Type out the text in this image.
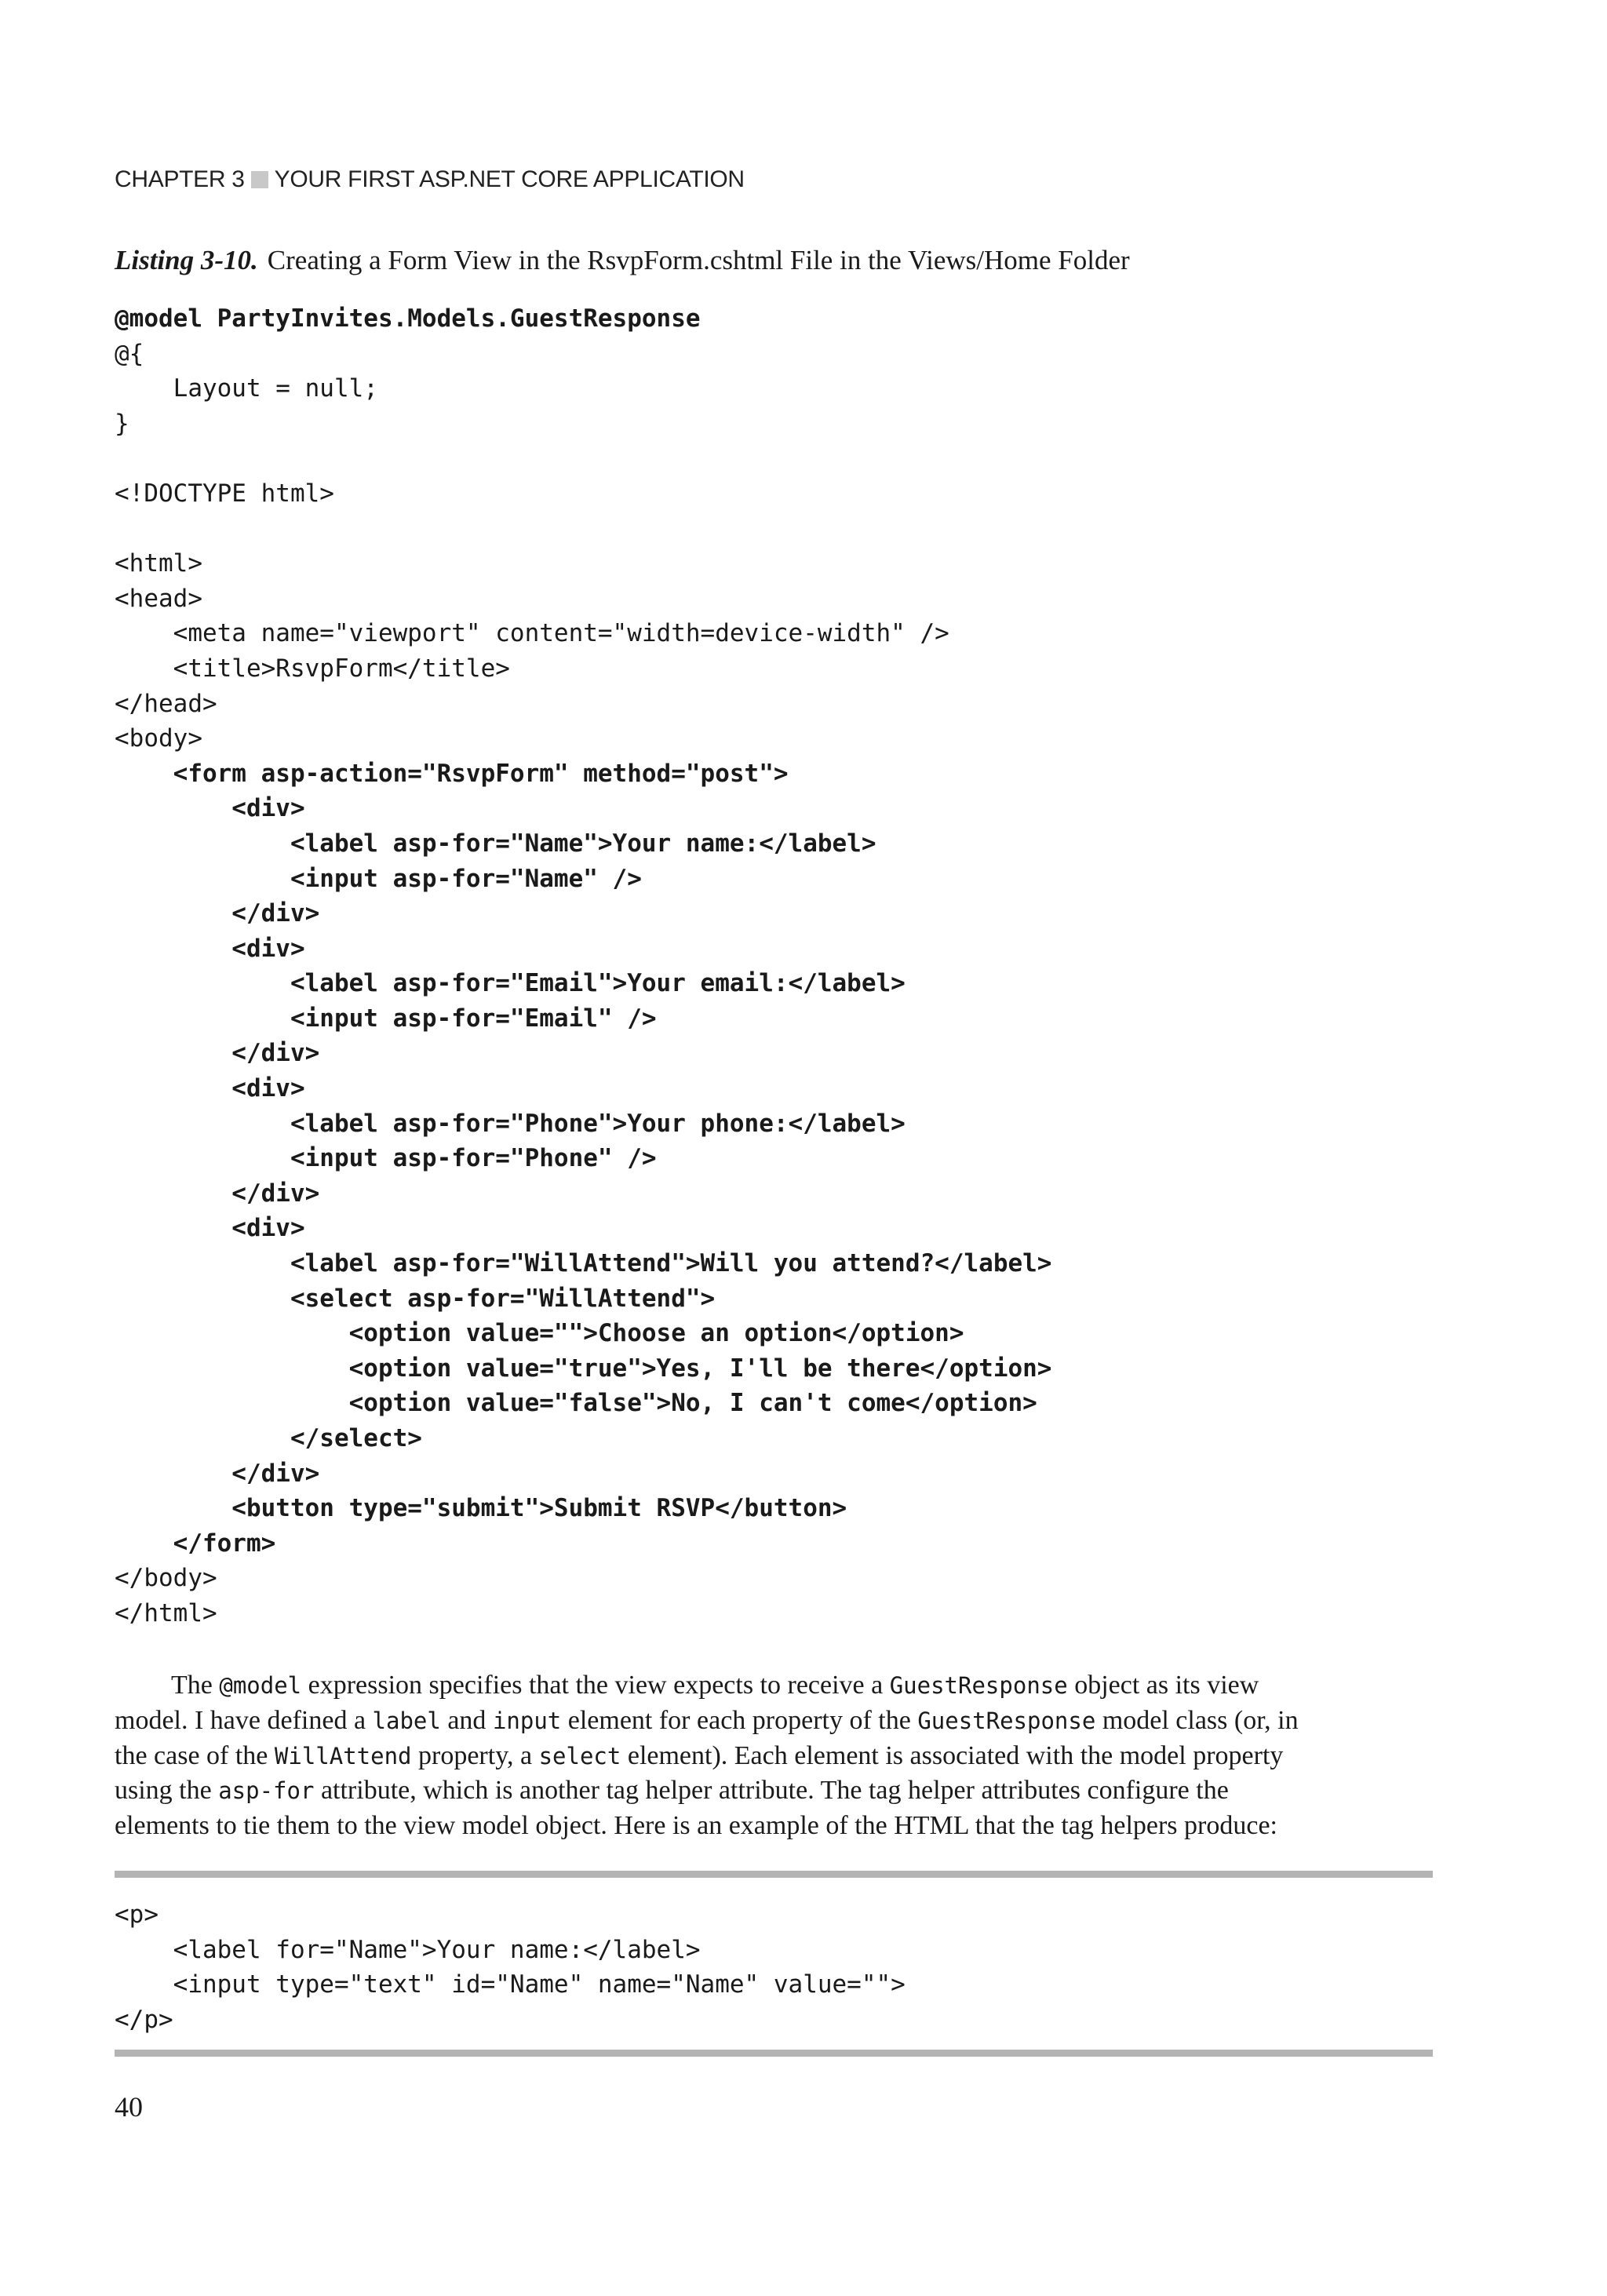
CHAPTER 3 YOUR FIRST ASP.NET CORE APPLICATION
Listing 3-10. Creating a Form View in the RsvpForm.cshtml File in the Views/Home Folder
@model PartyInvites.Models.GuestResponse
@{
Layout = null;
}
<!DOCTYPE html>
<html>
<head>
<meta name="viewport" content="width=device-width" />
<title>RsvpForm</title>
</head>
<body>
<form asp-action="RsvpForm" method="post">
<div>
<label asp-for="Name">Your name:</label>
<input asp-for="Name" />
</div>
<div>
<label asp-for="Email">Your email:</label>
<input asp-for="Email" />
</div>
<div>
<label asp-for="Phone">Your phone:</label>
<input asp-for="Phone" />
</div>
<div>
<label asp-for="WillAttend">Will you attend?</label>
<select asp-for="WillAttend">
<option value="">Choose an option</option>
<option value="true">Yes, I'll be there</option>
<option value="false">No, I can't come</option>
</select>
</div>
<button type="submit">Submit RSVP</button>
</form>
</body>
</html>
The @model expression specifies that the view expects to receive a GuestResponse object as its view
model. I have defined a label and input element for each property of the GuestResponse model class (or, in
the case of the WillAttend property, a select element). Each element is associated with the model property
using the asp-for attribute, which is another tag helper attribute. The tag helper attributes configure the
elements to tie them to the view model object. Here is an example of the HTML that the tag helpers produce:
<p>
<label for="Name">Your name:</label>
<input type="text" id="Name" name="Name" value="">
</p>
40
